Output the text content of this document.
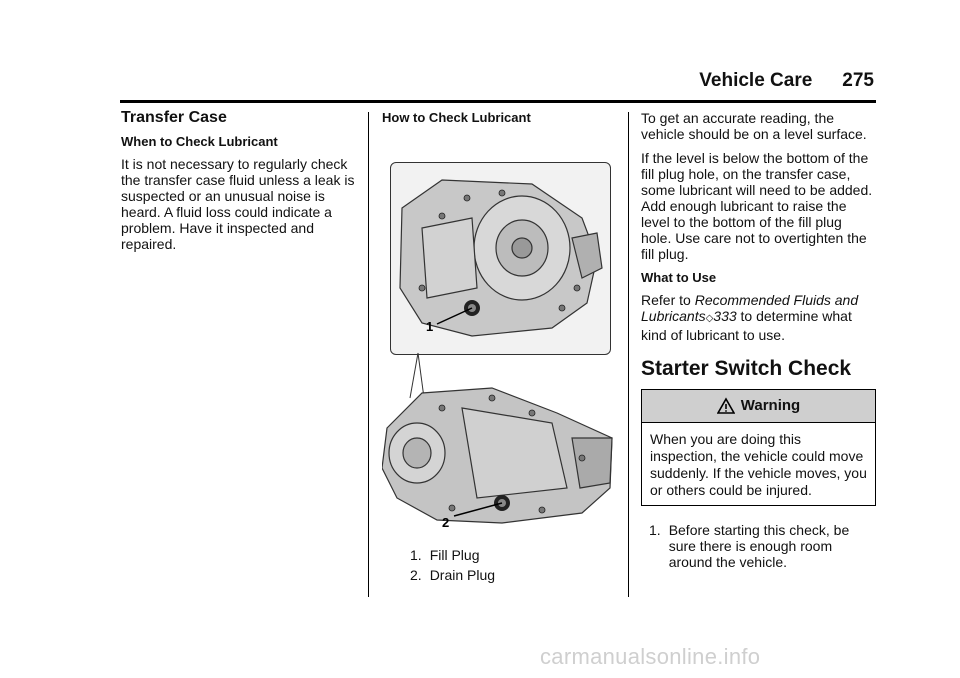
Vehicle Care 275
Transfer Case
When to Check Lubricant

It is not necessary to regularly check the transfer case fluid unless a leak is suspected or an unusual noise is heard. A fluid loss could indicate a problem. Have it inspected and repaired.

How to Check Lubricant
1
2
1. Fill Plug
2. Drain Plug

To get an accurate reading, the vehicle should be on a level surface.

If the level is below the bottom of the fill plug hole, on the transfer case, some lubricant will need to be added. Add enough lubricant to raise the level to the bottom of the fill plug hole. Use care not to overtighten the fill plug.

What to Use

Refer to Recommended Fluids and Lubricants◇333 to determine what kind of lubricant to use.

Starter Switch Check
Warning
When you are doing this inspection, the vehicle could move suddenly. If the vehicle moves, you or others could be injured.
1. Before starting this check, be sure there is enough room around the vehicle.
carmanualsonline.info
